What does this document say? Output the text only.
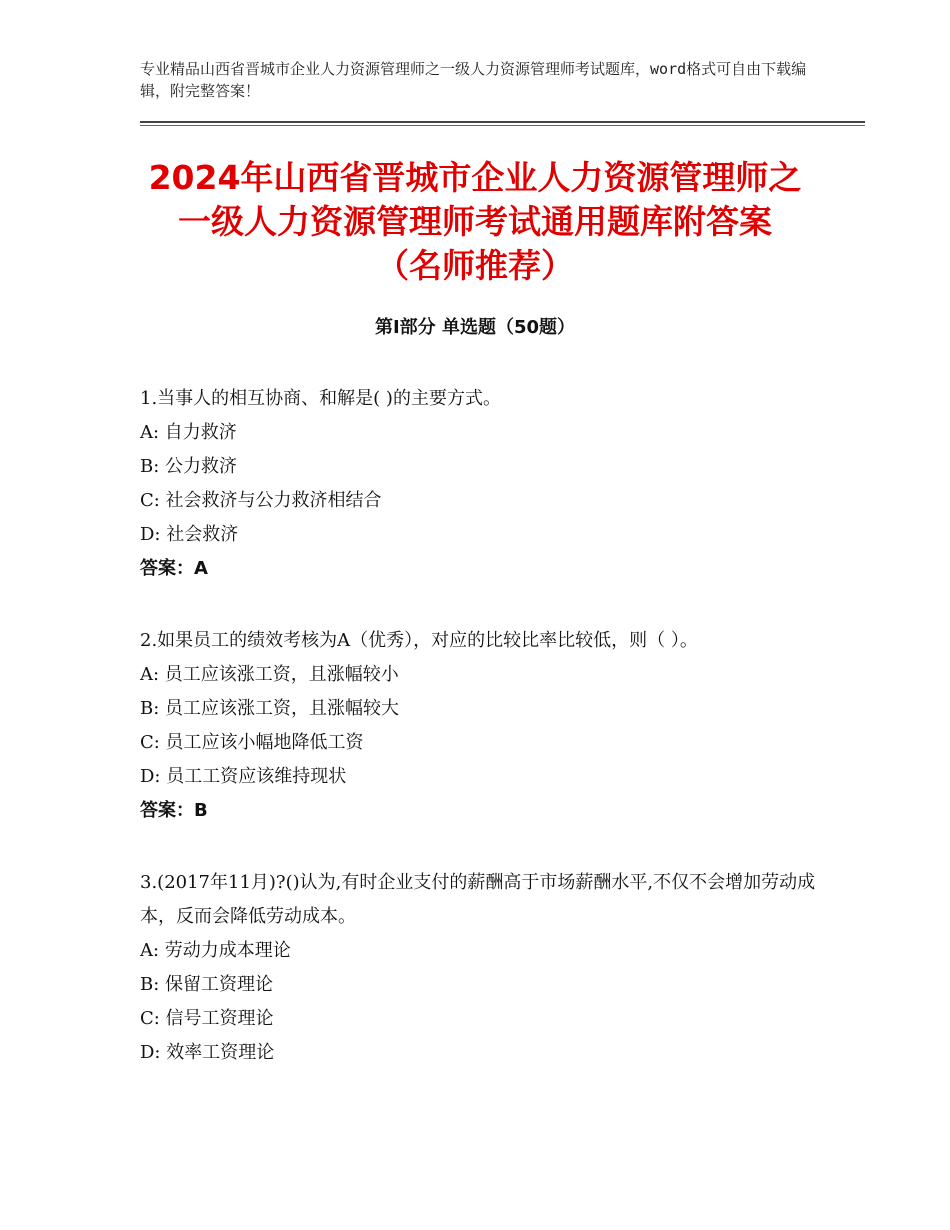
专业精品山西省晋城市企业人力资源管理师之一级人力资源管理师考试题库，word格式可自由下载编辑，附完整答案！
2024年山西省晋城市企业人力资源管理师之
一级人力资源管理师考试通用题库附答案
（名师推荐）
第Ⅰ部分 单选题（50题）
1.当事人的相互协商、和解是( )的主要方式。
A: 自力救济
B: 公力救济
C: 社会救济与公力救济相结合
D: 社会救济
答案：A
2.如果员工的绩效考核为A（优秀），对应的比较比率比较低，则（ ）。
A: 员工应该涨工资，且涨幅较小
B: 员工应该涨工资，且涨幅较大
C: 员工应该小幅地降低工资
D: 员工工资应该维持现状
答案：B
3.(2017年11月)?()认为,有时企业支付的薪酬高于市场薪酬水平,不仅不会增加劳动成本，反而会降低劳动成本。
A: 劳动力成本理论
B: 保留工资理论
C: 信号工资理论
D: 效率工资理论
